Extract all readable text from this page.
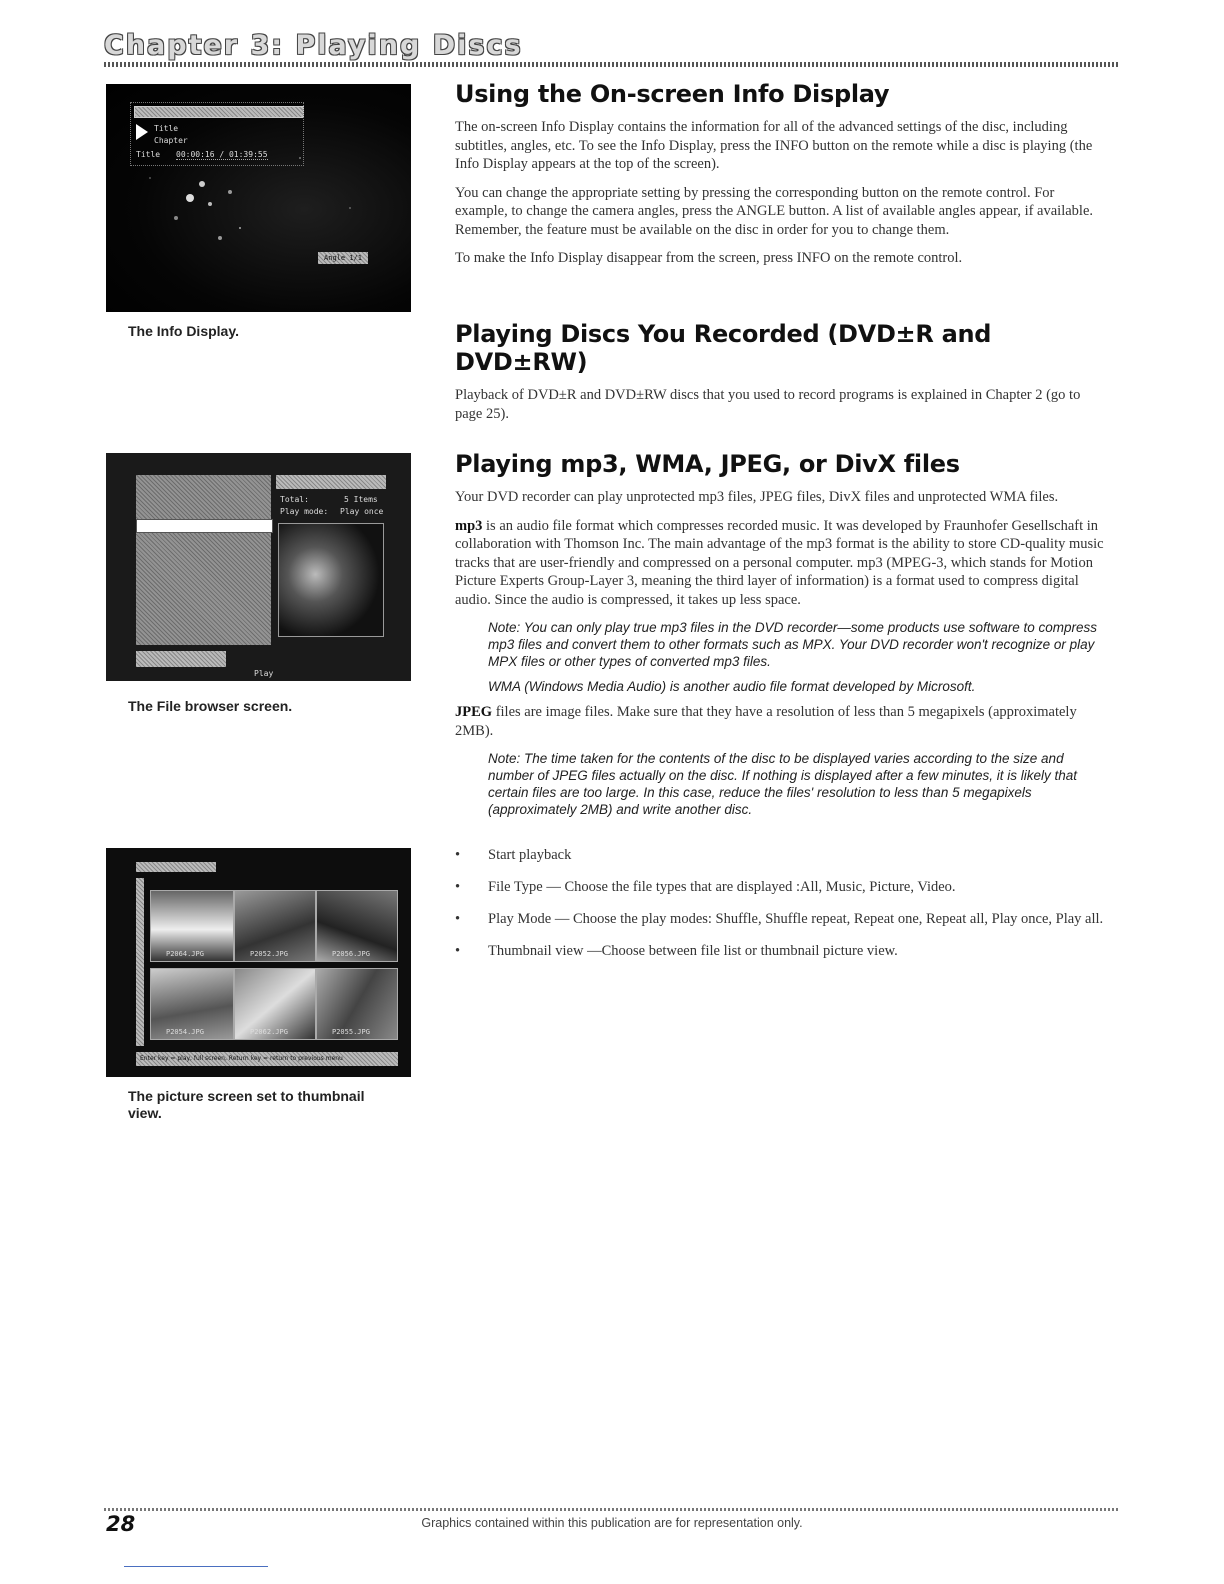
Chapter 3: Playing Discs
Title
Chapter
Title 00:00:16 / 01:39:55
Angle 1/1
The Info Display.
Total:	5 Items
Play mode: Play once
Play
The File browser screen.
P2064.JPG	P2052.JPG	P2056.JPG
P2054.JPG	P2062.JPG	P2055.JPG
Enter key = play, full screen, Return key = return to previous menu
The picture screen set to thumbnail view.
Using the On-screen Info Display

The on-screen Info Display contains the information for all of the advanced settings of the disc, including subtitles, angles, etc. To see the Info Display, press the INFO button on the remote while a disc is playing (the Info Display appears at the top of the screen).

You can change the appropriate setting by pressing the corresponding button on the remote control. For example, to change the camera angles, press the ANGLE button. A list of available angles appear, if available. Remember, the feature must be available on the disc in order for you to change them.

To make the Info Display disappear from the screen, press INFO on the remote control.

Playing Discs You Recorded (DVD±R and DVD±RW)

Playback of DVD±R and DVD±RW discs that you used to record programs is explained in Chapter 2 (go to page 25).

Playing mp3, WMA, JPEG, or DivX files

Your DVD recorder can play unprotected mp3 files, JPEG files, DivX files and unprotected WMA files.

mp3 is an audio file format which compresses recorded music. It was developed by Fraunhofer Gesellschaft in collaboration with Thomson Inc. The main advantage of the mp3 format is the ability to store CD-quality music tracks that are user-friendly and compressed on a personal computer. mp3 (MPEG-3, which stands for Motion Picture Experts Group-Layer 3, meaning the third layer of information) is a format used to compress digital audio. Since the audio is compressed, it takes up less space.

Note: You can only play true mp3 files in the DVD recorder—some products use software to compress mp3 files and convert them to other formats such as MPX. Your DVD recorder won't recognize or play MPX files or other types of converted mp3 files.

WMA (Windows Media Audio) is another audio file format developed by Microsoft.

JPEG files are image files. Make sure that they have a resolution of less than 5 megapixels (approximately 2MB).

Note: The time taken for the contents of the disc to be displayed varies according to the size and number of JPEG files actually on the disc. If nothing is displayed after a few minutes, it is likely that certain files are too large. In this case, reduce the files' resolution to less than 5 megapixels (approximately 2MB) and write another disc.

• Start playback
• File Type — Choose the file types that are displayed :All, Music, Picture, Video.
• Play Mode — Choose the play modes: Shuffle, Shuffle repeat, Repeat one, Repeat all, Play once, Play all.
• Thumbnail view —Choose between file list or thumbnail picture view.
28	Graphics contained within this publication are for representation only.
